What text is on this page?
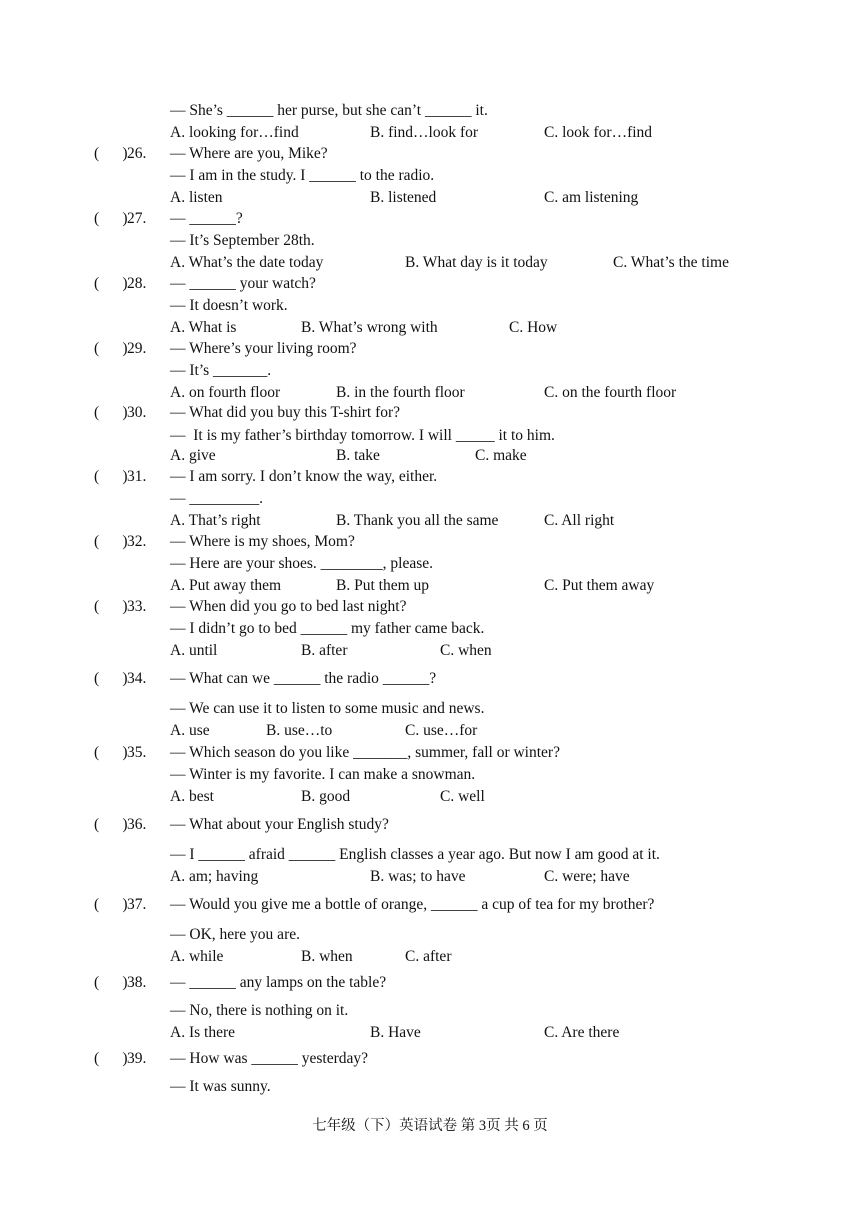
— She’s ______ her purse, but she can’t ______ it.
A. looking for…find	B. find…look for	C. look for…find
(      ) 26. — Where are you, Mike?
— I am in the study. I ______ to the radio.
A. listen	B. listened	C. am listening
(      ) 27. — ______?
— It’s September 28th.
A. What’s the date today	B. What day is it today	C. What’s the time
(      ) 28. — ______ your watch?
— It doesn’t work.
A. What is	B. What’s wrong with	C. How
(      ) 29. — Where’s your living room?
— It’s _______.
A. on fourth floor	B. in the fourth floor	C. on the fourth floor
(      ) 30. — What did you buy this T-shirt for?
—  It is my father’s birthday tomorrow. I will _____ it to him.
A. give	B. take	C. make
(      ) 31. — I am sorry. I don’t know the way, either.
— _________.
A. That’s right	B. Thank you all the same	C. All right
(      ) 32. — Where is my shoes, Mom?
— Here are your shoes. ________, please.
A. Put away them	B. Put them up	C. Put them away
(      ) 33. — When did you go to bed last night?
— I didn’t go to bed ______ my father came back.
A. until	B. after	C. when
(      ) 34. — What can we ______ the radio ______?
— We can use it to listen to some music and news.
A. use	B. use…to	C. use…for
(      ) 35. — Which season do you like _______, summer, fall or winter?
— Winter is my favorite. I can make a snowman.
A. best	B. good	C. well
(      ) 36. — What about your English study?
— I ______ afraid ______ English classes a year ago. But now I am good at it.
A. am; having	B. was; to have	C. were; have
(      ) 37. — Would you give me a bottle of orange, ______ a cup of tea for my brother?
— OK, here you are.
A. while	B. when	C. after
(      ) 38. — ______ any lamps on the table?
— No, there is nothing on it.
A. Is there	B. Have	C. Are there
(      ) 39. — How was ______ yesterday?
— It was sunny.
七年级（下）英语试卷 第 3页 共 6 页
